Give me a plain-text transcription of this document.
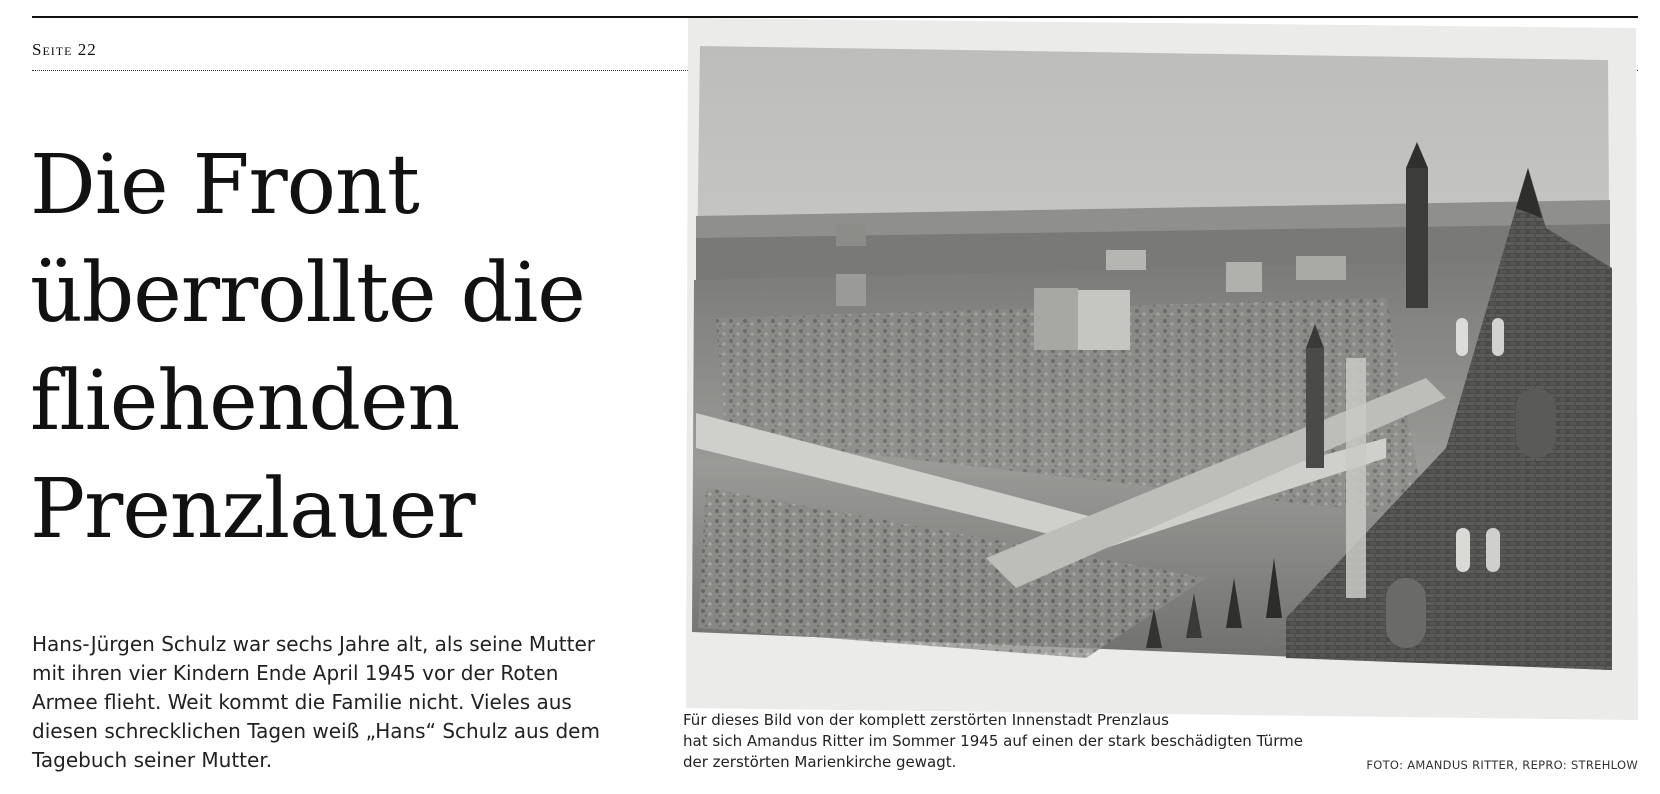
Seite 22
Die Front
überrollte die
fliehenden
Prenzlauer

Hans-Jürgen Schulz war sechs Jahre alt, als seine Mutter
mit ihren vier Kindern Ende April 1945 vor der Roten
Armee flieht. Weit kommt die Familie nicht. Vieles aus
diesen schrecklichen Tagen weiß „Hans“ Schulz aus dem
Tagebuch seiner Mutter.

Für dieses Bild von der komplett zerstörten Innenstadt Prenzlaus
hat sich Amandus Ritter im Sommer 1945 auf einen der stark beschädigten Türme
der zerstörten Marienkirche gewagt.	FOTO: AMANDUS RITTER, REPRO: STREHLOW
